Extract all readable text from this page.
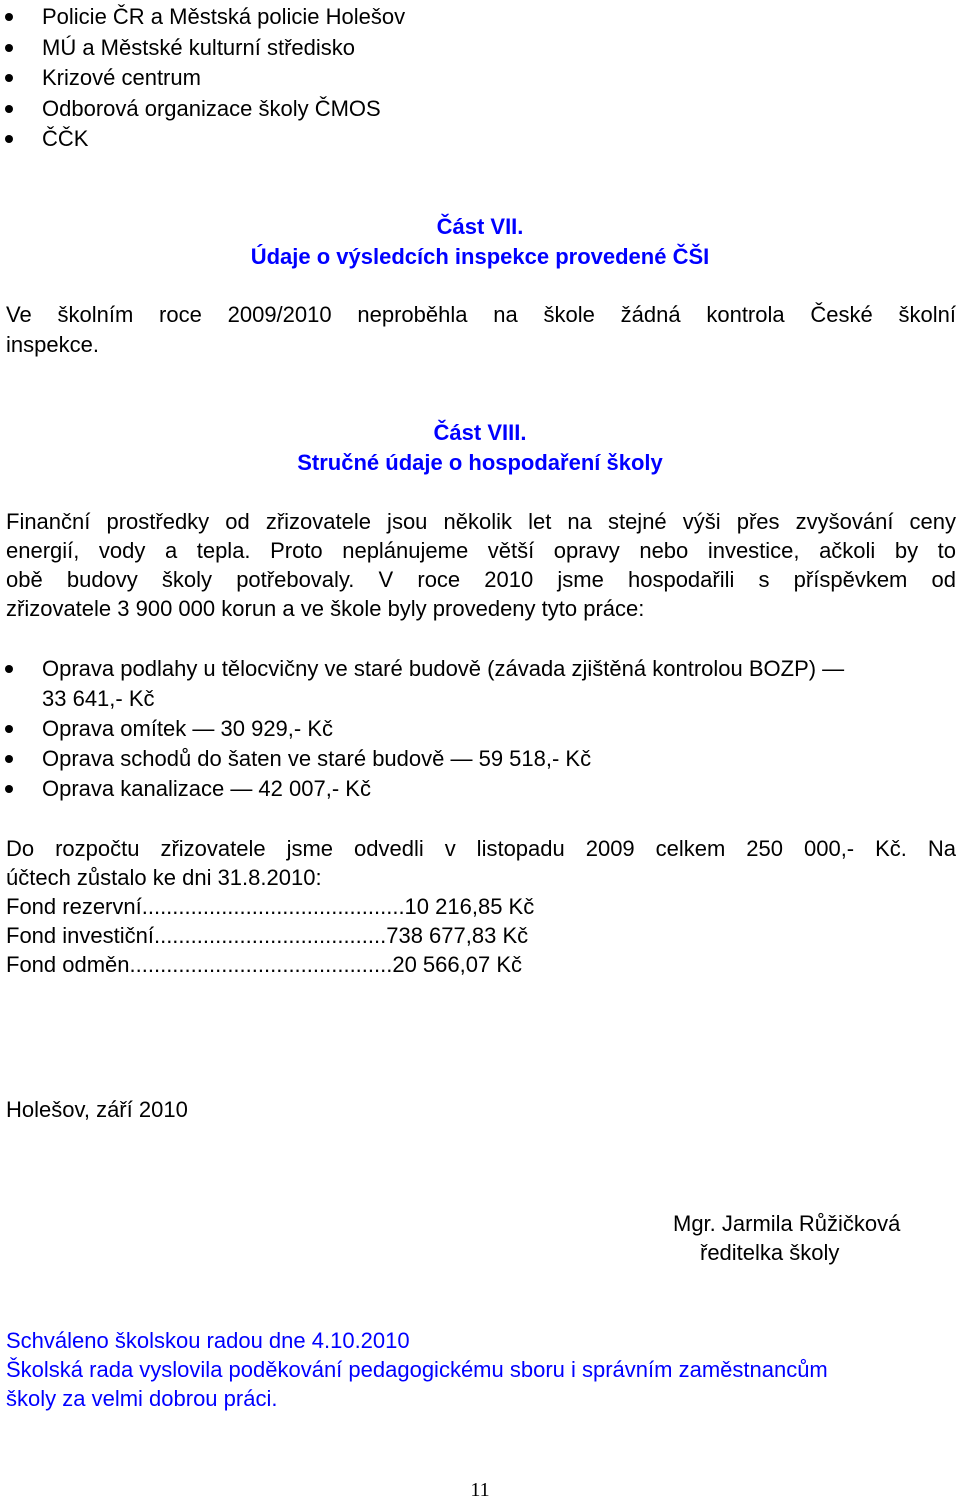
Policie ČR a Městská policie Holešov
MÚ a Městské kulturní středisko
Krizové centrum
Odborová organizace školy ČMOS
ČČK
Část VII.
Údaje o výsledcích inspekce provedené ČŠI
Ve školním roce 2009/2010 neproběhla na škole žádná kontrola České školní
inspekce.
Část VIII.
Stručné údaje o hospodaření školy
Finanční prostředky od zřizovatele jsou několik let na stejné výši přes zvyšování ceny
energií, vody a tepla. Proto neplánujeme větší opravy nebo investice, ačkoli by to
obě budovy školy potřebovaly. V roce 2010 jsme hospodařili s příspěvkem od
zřizovatele 3 900 000 korun a ve škole byly provedeny tyto práce:
Oprava podlahy u tělocvičny ve staré budově (závada zjištěná kontrolou BOZP) —
33 641,- Kč
Oprava omítek — 30 929,- Kč
Oprava schodů do šaten ve staré budově — 59 518,- Kč
Oprava kanalizace — 42 007,- Kč
Do rozpočtu zřizovatele jsme odvedli v listopadu 2009 celkem 250 000,- Kč. Na
účtech zůstalo ke dni 31.8.2010:
Fond rezervní...........................................10 216,85 Kč
Fond investiční......................................738 677,83 Kč
Fond odměn...........................................20 566,07 Kč
Holešov, září 2010
Mgr. Jarmila Růžičková
ředitelka školy
Schváleno školskou radou dne 4.10.2010
Školská rada vyslovila poděkování pedagogickému sboru i správním zaměstnancům
školy za velmi dobrou práci.
11
